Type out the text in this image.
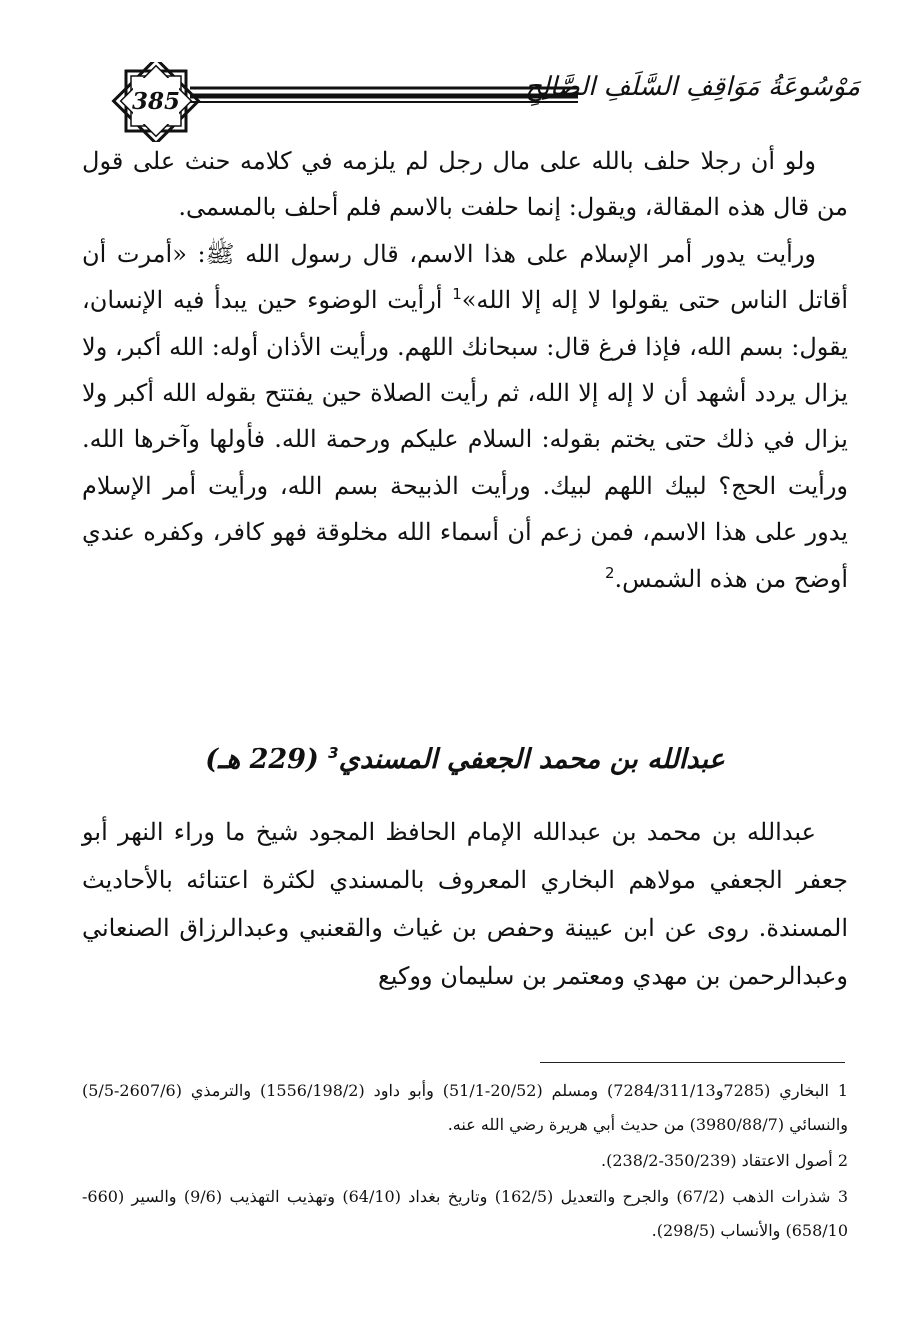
385	مَوْسُوعَةُ مَوَاقِفِ السَّلَفِ الصَّالِحِ

ولو أن رجلا حلف بالله على مال رجل لم يلزمه في كلامه حنث على قول من قال هذه المقالة، ويقول: إنما حلفت بالاسم فلم أحلف بالمسمى.

ورأيت يدور أمر الإسلام على هذا الاسم، قال رسول الله ﷺ: «أمرت أن أقاتل الناس حتى يقولوا لا إله إلا الله»$^1$ أرأيت الوضوء حين يبدأ فيه الإنسان، يقول: بسم الله، فإذا فرغ قال: سبحانك اللهم. ورأيت الأذان أوله: الله أكبر، ولا يزال يردد أشهد أن لا إله إلا الله، ثم رأيت الصلاة حين يفتتح بقوله الله أكبر ولا يزال في ذلك حتى يختم بقوله: السلام عليكم ورحمة الله. فأولها وآخرها الله. ورأيت الحج؟ لبيك اللهم لبيك. ورأيت الذبيحة بسم الله، ورأيت أمر الإسلام يدور على هذا الاسم، فمن زعم أن أسماء الله مخلوقة فهو كافر، وكفره عندي أوضح من هذه الشمس.$^2$

عبدالله بن محمد الجعفي المسندي$^3$ (229 هـ)

عبدالله بن محمد بن عبدالله الإمام الحافظ المجود شيخ ما وراء النهر أبو جعفر الجعفي مولاهم البخاري المعروف بالمسندي لكثرة اعتنائه بالأحاديث المسندة. روى عن ابن عيينة وحفص بن غياث والقعنبي وعبدالرزاق الصنعاني وعبدالرحمن بن مهدي ومعتمر بن سليمان ووكيع

1 البخاري (7285و7284/311/13) ومسلم (20/52-51/1) وأبو داود (1556/198/2) والترمذي (2607/6-5/5) والنسائي (3980/88/7) من حديث أبي هريرة رضي الله عنه.

2 أصول الاعتقاد (350/239-238/2).

3 شذرات الذهب (67/2) والجرح والتعديل (162/5) وتاريخ بغداد (64/10) وتهذيب التهذيب (9/6) والسير (660-658/10) والأنساب (298/5).
